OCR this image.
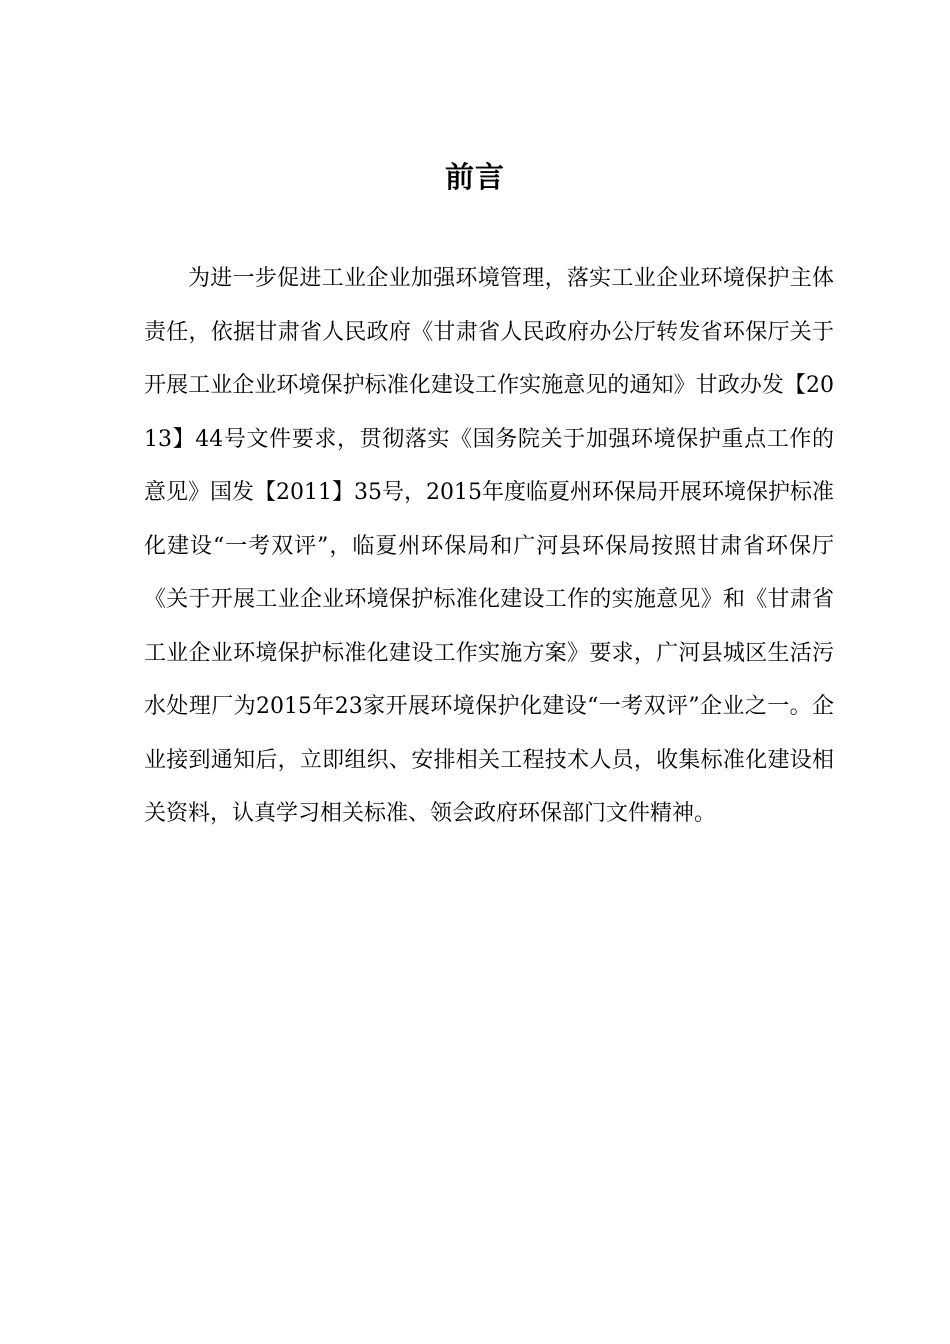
前言

为进一步促进工业企业加强环境管理，落实工业企业环境保护主体责任，依据甘肃省人民政府《甘肃省人民政府办公厅转发省环保厅关于开展工业企业环境保护标准化建设工作实施意见的通知》甘政办发【2013】44号文件要求，贯彻落实《国务院关于加强环境保护重点工作的意见》国发【2011】35号，2015年度临夏州环保局开展环境保护标准化建设“一考双评”，临夏州环保局和广河县环保局按照甘肃省环保厅《关于开展工业企业环境保护标准化建设工作的实施意见》和《甘肃省工业企业环境保护标准化建设工作实施方案》要求，广河县城区生活污水处理厂为2015年23家开展环境保护化建设“一考双评”企业之一。企业接到通知后，立即组织、安排相关工程技术人员，收集标准化建设相关资料，认真学习相关标准、领会政府环保部门文件精神。
